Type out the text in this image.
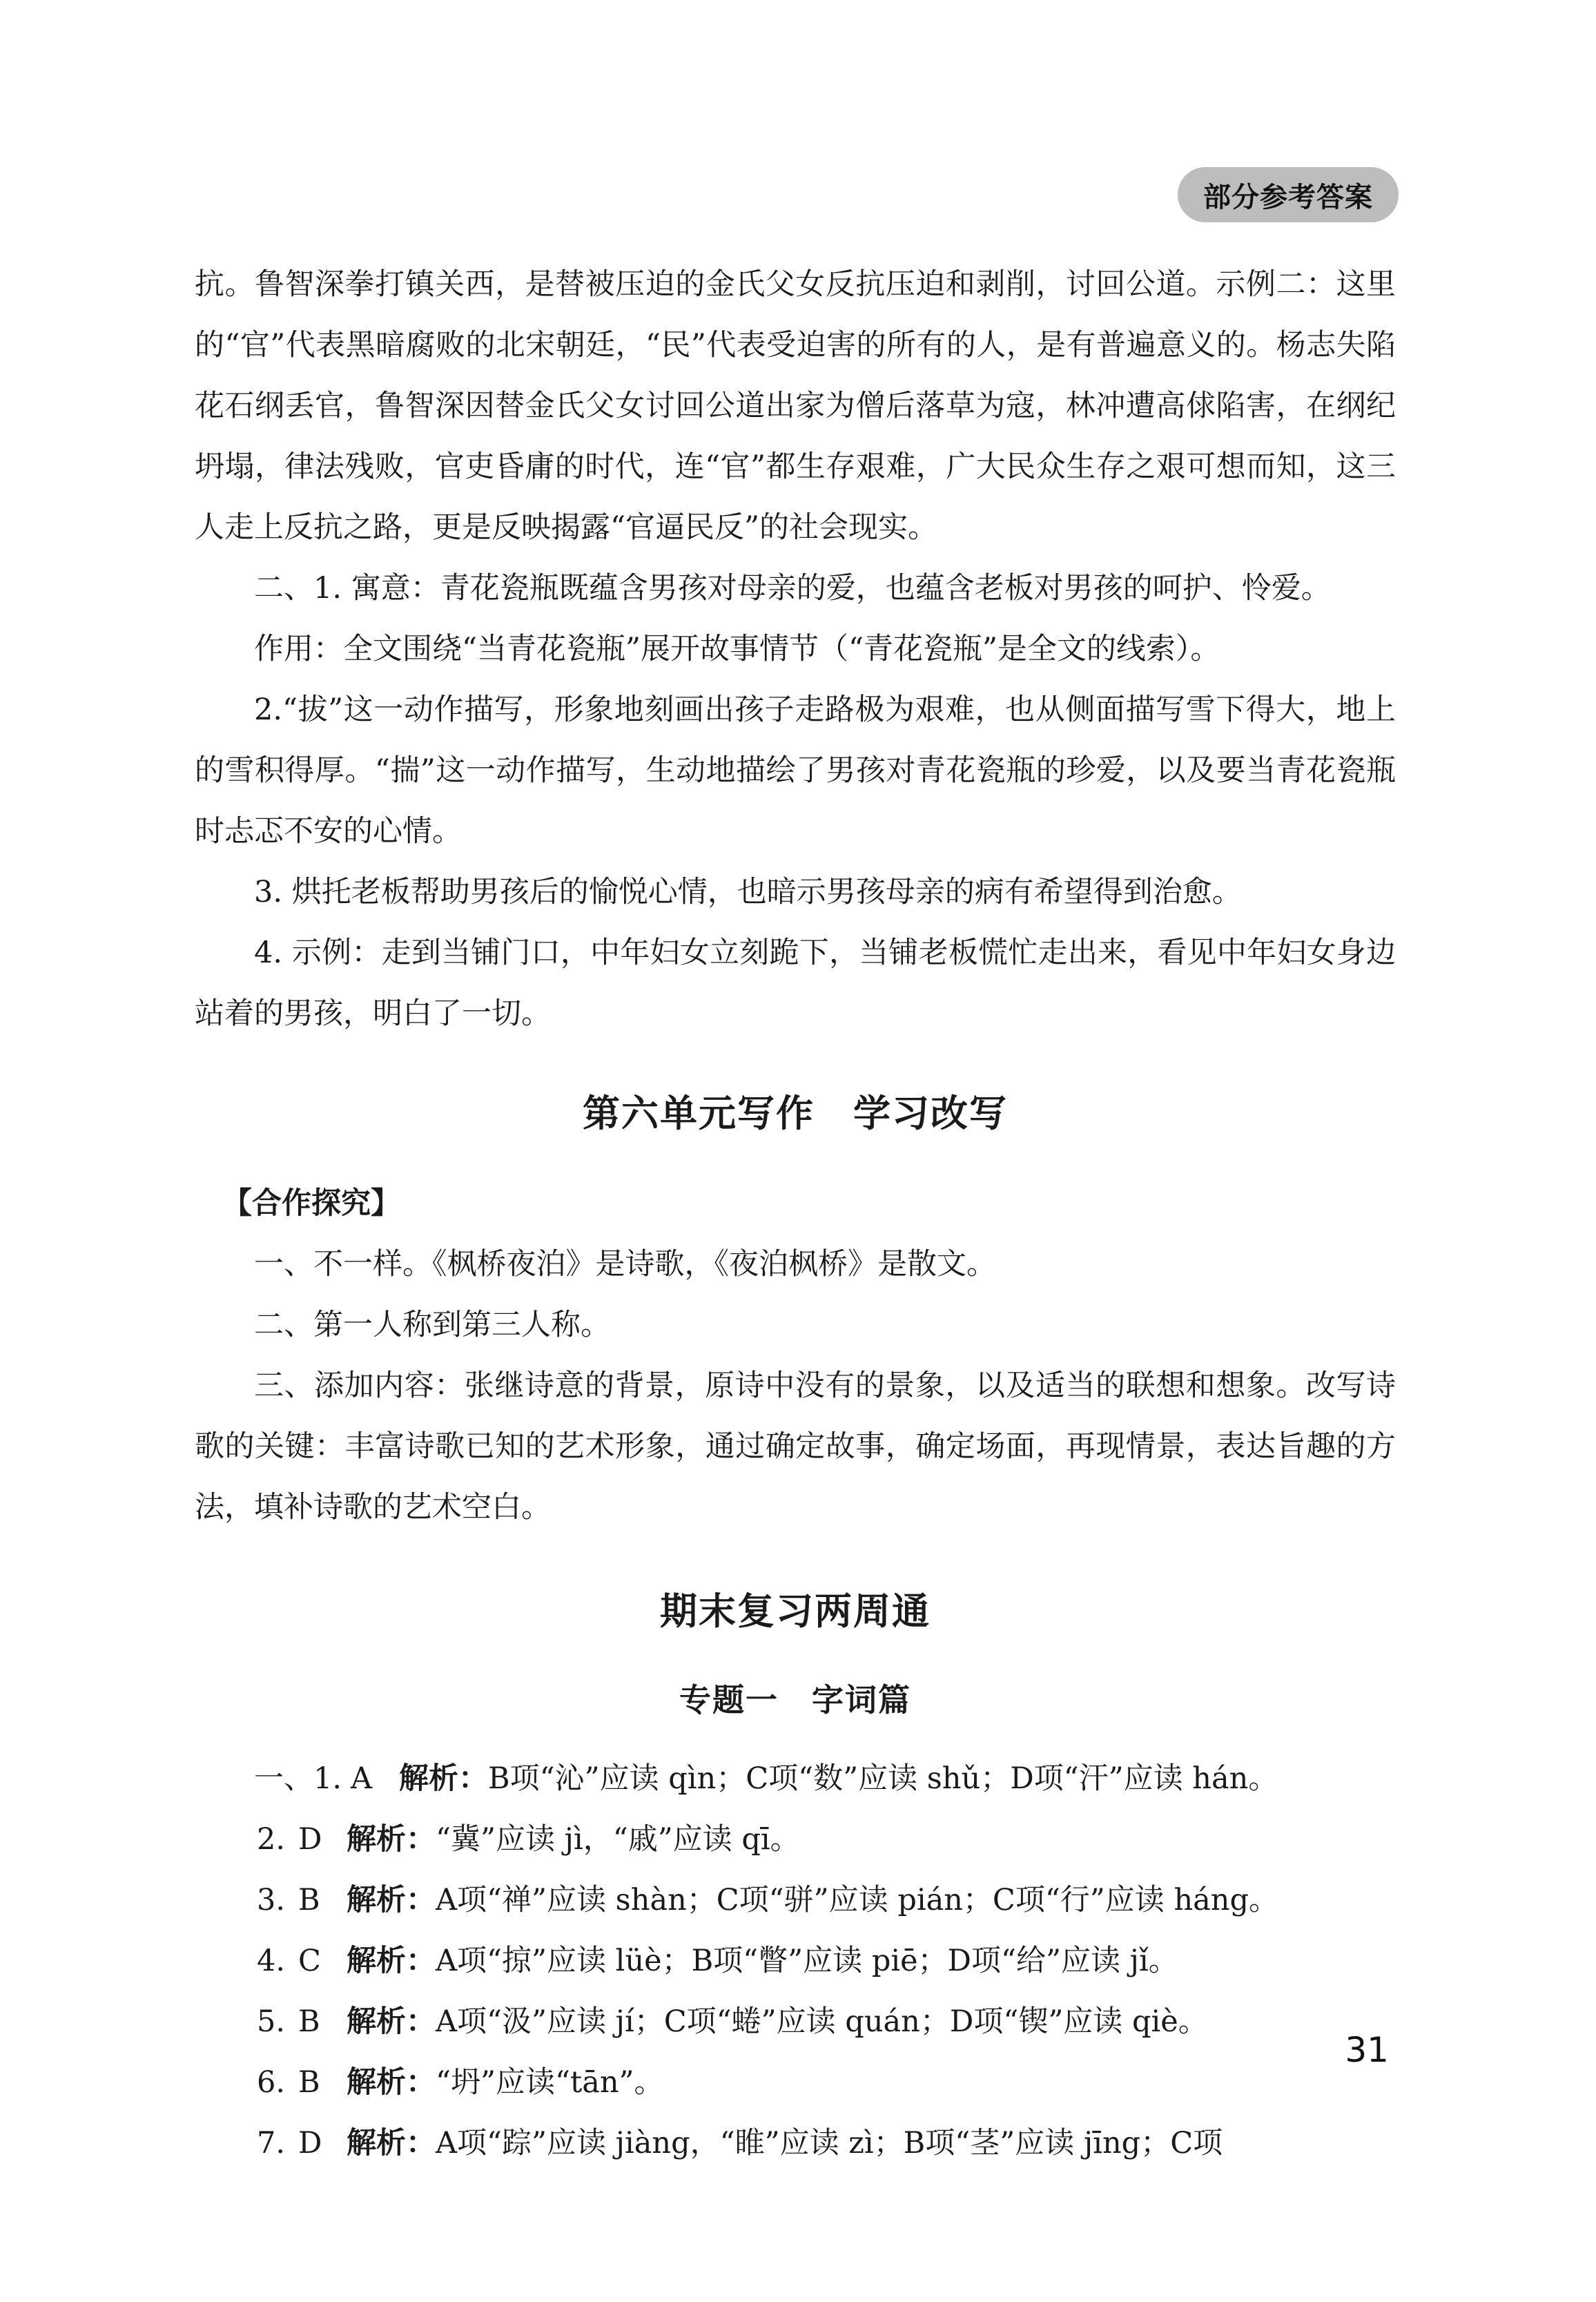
部分参考答案

抗。鲁智深拳打镇关西，是替被压迫的金氏父女反抗压迫和剥削，讨回公道。示例二：这里的“官”代表黑暗腐败的北宋朝廷，“民”代表受迫害的所有的人，是有普遍意义的。杨志失陷花石纲丢官，鲁智深因替金氏父女讨回公道出家为僧后落草为寇，林冲遭高俅陷害，在纲纪坍塌，律法残败，官吏昏庸的时代，连“官”都生存艰难，广大民众生存之艰可想而知，这三人走上反抗之路，更是反映揭露“官逼民反”的社会现实。

二、1. 寓意：青花瓷瓶既蕴含男孩对母亲的爱，也蕴含老板对男孩的呵护、怜爱。

作用：全文围绕“当青花瓷瓶”展开故事情节（“青花瓷瓶”是全文的线索）。

2.“拔”这一动作描写，形象地刻画出孩子走路极为艰难，也从侧面描写雪下得大，地上的雪积得厚。“揣”这一动作描写，生动地描绘了男孩对青花瓷瓶的珍爱，以及要当青花瓷瓶时忐忑不安的心情。

3. 烘托老板帮助男孩后的愉悦心情，也暗示男孩母亲的病有希望得到治愈。

4. 示例：走到当铺门口，中年妇女立刻跪下，当铺老板慌忙走出来，看见中年妇女身边站着的男孩，明白了一切。

第六单元写作　学习改写

【合作探究】

一、不一样。《枫桥夜泊》是诗歌，《夜泊枫桥》是散文。

二、第一人称到第三人称。

三、添加内容：张继诗意的背景，原诗中没有的景象，以及适当的联想和想象。改写诗歌的关键：丰富诗歌已知的艺术形象，通过确定故事，确定场面，再现情景，表达旨趣的方法，填补诗歌的艺术空白。

期末复习两周通
专题一　字词篇

一、1. A 解析：B项“沁”应读 qìn；C项“数”应读 shǔ；D项“汗”应读 hán。

2. D 解析：“冀”应读 jì，“戚”应读 qī。

3. B 解析：A项“禅”应读 shàn；C项“骈”应读 pián；C项“行”应读 háng。

4. C 解析：A项“掠”应读 lüè；B项“瞥”应读 piē；D项“给”应读 jǐ。

5. B 解析：A项“汲”应读 jí；C项“蜷”应读 quán；D项“锲”应读 qiè。

6. B 解析：“坍”应读“tān”。

7. D 解析：A项“踪”应读 jiàng，“睢”应读 zì；B项“茎”应读 jīng；C项

31
